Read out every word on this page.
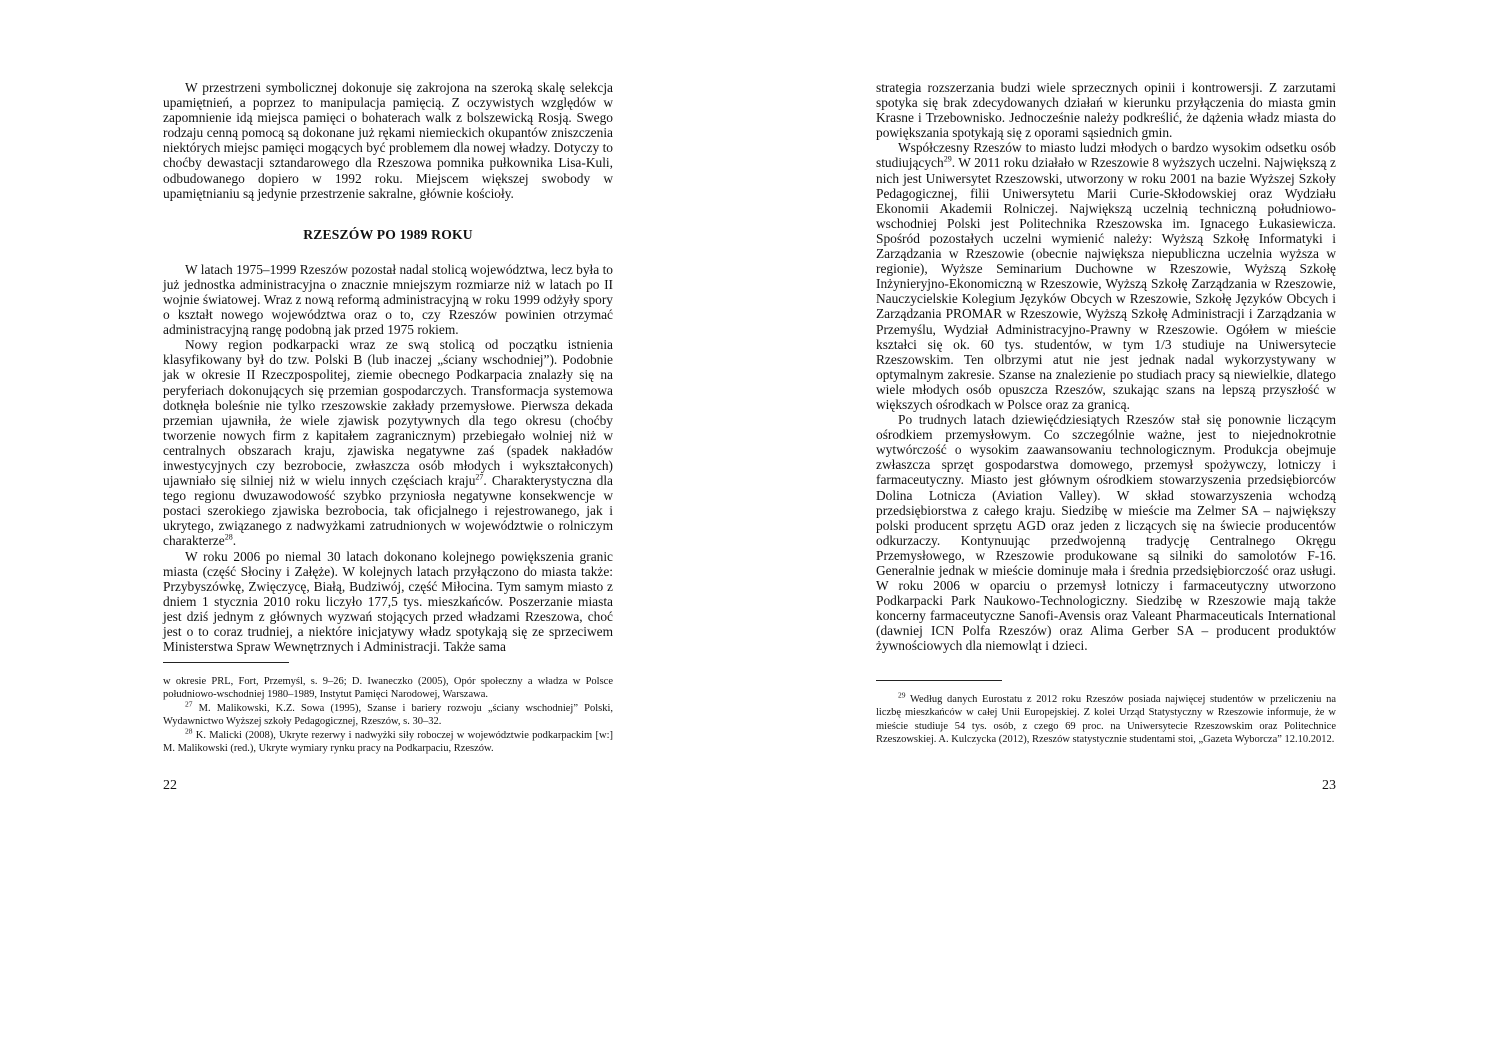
W przestrzeni symbolicznej dokonuje się zakrojona na szeroką skalę selekcja upamiętnień, a poprzez to manipulacja pamięcią. Z oczywistych względów w zapomnienie idą miejsca pamięci o bohaterach walk z bolszewicką Rosją. Swego rodzaju cenną pomocą są dokonane już rękami niemieckich okupantów zniszczenia niektórych miejsc pamięci mogących być problemem dla nowej władzy. Dotyczy to choćby dewastacji sztandarowego dla Rzeszowa pomnika pułkownika Lisa-Kuli, odbudowanego dopiero w 1992 roku. Miejscem większej swobody w upamiętnianiu są jedynie przestrzenie sakralne, głównie kościoły.

RZESZÓW PO 1989 ROKU

W latach 1975–1999 Rzeszów pozostał nadal stolicą województwa, lecz była to już jednostka administracyjna o znacznie mniejszym rozmiarze niż w latach po II wojnie światowej. Wraz z nową reformą administracyjną w roku 1999 odżyły spory o kształt nowego województwa oraz o to, czy Rzeszów powinien otrzymać administracyjną rangę podobną jak przed 1975 rokiem.

Nowy region podkarpacki wraz ze swą stolicą od początku istnienia klasyfikowany był do tzw. Polski B (lub inaczej „ściany wschodniej”). Podobnie jak w okresie II Rzeczpospolitej, ziemie obecnego Podkarpacia znalazły się na peryferiach dokonujących się przemian gospodarczych. Transformacja systemowa dotknęła boleśnie nie tylko rzeszowskie zakłady przemysłowe. Pierwsza dekada przemian ujawniła, że wiele zjawisk pozytywnych dla tego okresu (choćby tworzenie nowych firm z kapitałem zagranicznym) przebiegało wolniej niż w centralnych obszarach kraju, zjawiska negatywne zaś (spadek nakładów inwestycyjnych czy bezrobocie, zwłaszcza osób młodych i wykształconych) ujawniało się silniej niż w wielu innych częściach kraju$^{27}$. Charakterystyczna dla tego regionu dwuzawodowość szybko przyniosła negatywne konsekwencje w postaci szerokiego zjawiska bezrobocia, tak oficjalnego i rejestrowanego, jak i ukrytego, związanego z nadwyżkami zatrudnionych w województwie o rolniczym charakterze$^{28}$.

W roku 2006 po niemal 30 latach dokonano kolejnego powiększenia granic miasta (część Słociny i Załęże). W kolejnych latach przyłączono do miasta także: Przybyszówkę, Zwięczycę, Białą, Budziwój, część Miłocina. Tym samym miasto z dniem 1 stycznia 2010 roku liczyło 177,5 tys. mieszkańców. Poszerzanie miasta jest dziś jednym z głównych wyzwań stojących przed władzami Rzeszowa, choć jest o to coraz trudniej, a niektóre inicjatywy władz spotykają się ze sprzeciwem Ministerstwa Spraw Wewnętrznych i Administracji. Także sama

w okresie PRL, Fort, Przemyśl, s. 9–26; D. Iwaneczko (2005), Opór społeczny a władza w Polsce południowo-wschodniej 1980–1989, Instytut Pamięci Narodowej, Warszawa.

$^{27}$ M. Malikowski, K.Z. Sowa (1995), Szanse i bariery rozwoju „ściany wschodniej” Polski, Wydawnictwo Wyższej szkoły Pedagogicznej, Rzeszów, s. 30–32.

$^{28}$ K. Malicki (2008), Ukryte rezerwy i nadwyżki siły roboczej w województwie podkarpackim [w:] M. Malikowski (red.), Ukryte wymiary rynku pracy na Podkarpaciu, Rzeszów.

22

strategia rozszerzania budzi wiele sprzecznych opinii i kontrowersji. Z zarzutami spotyka się brak zdecydowanych działań w kierunku przyłączenia do miasta gmin Krasne i Trzebownisko. Jednocześnie należy podkreślić, że dążenia władz miasta do powiększania spotykają się z oporami sąsiednich gmin.

Współczesny Rzeszów to miasto ludzi młodych o bardzo wysokim odsetku osób studiujących$^{29}$. W 2011 roku działało w Rzeszowie 8 wyższych uczelni. Największą z nich jest Uniwersytet Rzeszowski, utworzony w roku 2001 na bazie Wyższej Szkoły Pedagogicznej, filii Uniwersytetu Marii Curie-Skłodowskiej oraz Wydziału Ekonomii Akademii Rolniczej. Największą uczelnią techniczną południowo-wschodniej Polski jest Politechnika Rzeszowska im. Ignacego Łukasiewicza. Spośród pozostałych uczelni wymienić należy: Wyższą Szkołę Informatyki i Zarządzania w Rzeszowie (obecnie największa niepubliczna uczelnia wyższa w regionie), Wyższe Seminarium Duchowne w Rzeszowie, Wyższą Szkołę Inżynieryjno-Ekonomiczną w Rzeszowie, Wyższą Szkołę Zarządzania w Rzeszowie, Nauczycielskie Kolegium Języków Obcych w Rzeszowie, Szkołę Języków Obcych i Zarządzania PROMAR w Rzeszowie, Wyższą Szkołę Administracji i Zarządzania w Przemyślu, Wydział Administracyjno-Prawny w Rzeszowie. Ogółem w mieście kształci się ok. 60 tys. studentów, w tym 1/3 studiuje na Uniwersytecie Rzeszowskim. Ten olbrzymi atut nie jest jednak nadal wykorzystywany w optymalnym zakresie. Szanse na znalezienie po studiach pracy są niewielkie, dlatego wiele młodych osób opuszcza Rzeszów, szukając szans na lepszą przyszłość w większych ośrodkach w Polsce oraz za granicą.

Po trudnych latach dziewięćdziesiątych Rzeszów stał się ponownie liczącym ośrodkiem przemysłowym. Co szczególnie ważne, jest to niejednokrotnie wytwórczość o wysokim zaawansowaniu technologicznym. Produkcja obejmuje zwłaszcza sprzęt gospodarstwa domowego, przemysł spożywczy, lotniczy i farmaceutyczny. Miasto jest głównym ośrodkiem stowarzyszenia przedsiębiorców Dolina Lotnicza (Aviation Valley). W skład stowarzyszenia wchodzą przedsiębiorstwa z całego kraju. Siedzibę w mieście ma Zelmer SA – największy polski producent sprzętu AGD oraz jeden z liczących się na świecie producentów odkurzaczy. Kontynuując przedwojenną tradycję Centralnego Okręgu Przemysłowego, w Rzeszowie produkowane są silniki do samolotów F-16. Generalnie jednak w mieście dominuje mała i średnia przedsiębiorczość oraz usługi. W roku 2006 w oparciu o przemysł lotniczy i farmaceutyczny utworzono Podkarpacki Park Naukowo-Technologiczny. Siedzibę w Rzeszowie mają także koncerny farmaceutyczne Sanofi-Avensis oraz Valeant Pharmaceuticals International (dawniej ICN Polfa Rzeszów) oraz Alima Gerber SA – producent produktów żywnościowych dla niemowląt i dzieci.

$^{29}$ Według danych Eurostatu z 2012 roku Rzeszów posiada najwięcej studentów w przeliczeniu na liczbę mieszkańców w całej Unii Europejskiej. Z kolei Urząd Statystyczny w Rzeszowie informuje, że w mieście studiuje 54 tys. osób, z czego 69 proc. na Uniwersytecie Rzeszowskim oraz Politechnice Rzeszowskiej. A. Kulczycka (2012), Rzeszów statystycznie studentami stoi, „Gazeta Wyborcza” 12.10.2012.

23
